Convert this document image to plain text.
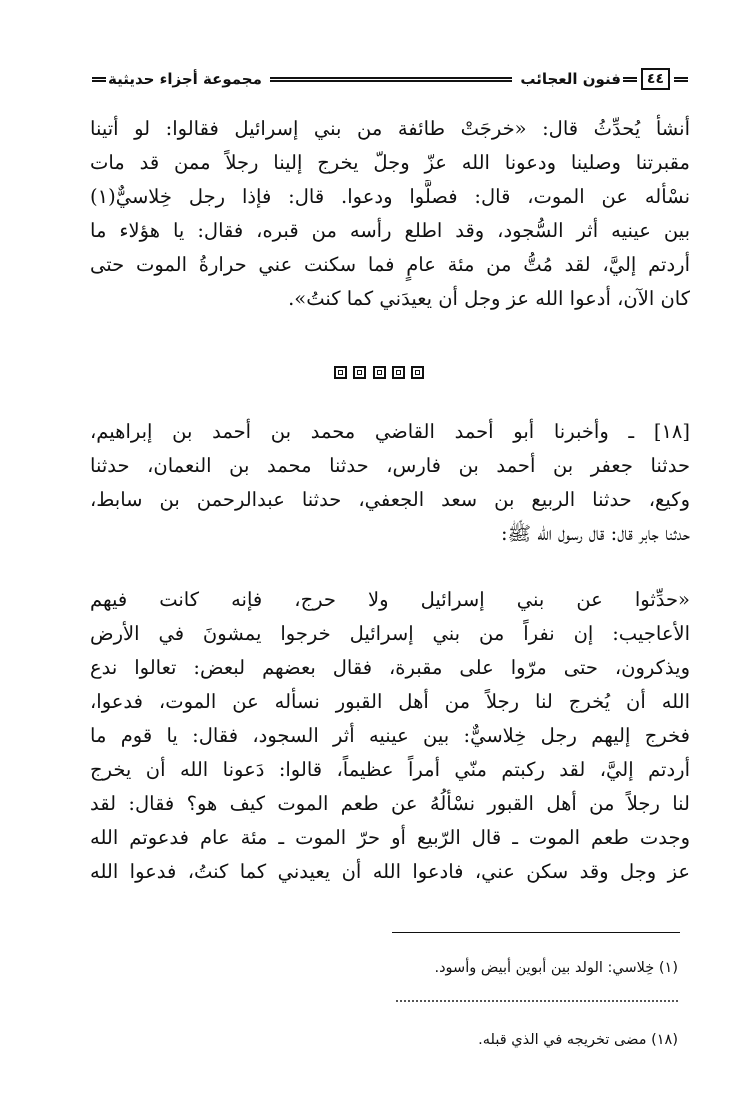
٤٤
فنون العجائب
مجموعة أجزاء حديثية
أنشأ يُحدِّثُ قال: «خرجَتْ طائفة من بني إسرائيل فقالوا: لو أتينا
مقبرتنا وصلينا ودعونا الله عزّ وجلّ يخرج إلينا رجلاً ممن قد مات
نسْأله عن الموت، قال: فصلَّوا ودعوا. قال: فإذا رجل خِلاسيٌّ(١)
بين عينيه أثر السُّجود، وقد اطلع رأسه من قبره، فقال: يا هؤلاء ما
أردتم إليَّ، لقد مُتُّ من مئة عامٍ فما سكنت عني حرارةُ الموت حتى
كان الآن، أدعوا الله عز وجل أن يعيدَني كما كنتُ».
[١٨] ـ وأخبرنا أبو أحمد القاضي محمد بن أحمد بن إبراهيم،
حدثنا جعفر بن أحمد بن فارس، حدثنا محمد بن النعمان، حدثنا
وكيع، حدثنا الربيع بن سعد الجعفي، حدثنا عبدالرحمن بن سابط،
حدثنا جابر قال: قال رسول الله ﷺ:
«حدِّثوا عن بني إسرائيل ولا حرج، فإنه كانت فيهم
الأعاجيب: إن نفراً من بني إسرائيل خرجوا يمشونَ في الأرض
ويذكرون، حتى مرّوا على مقبرة، فقال بعضهم لبعض: تعالوا ندع
الله أن يُخرج لنا رجلاً من أهل القبور نسأله عن الموت، فدعوا،
فخرج إليهم رجل خِلاسيٌّ: بين عينيه أثر السجود، فقال: يا قوم ما
أردتم إليَّ، لقد ركبتم منّي أمراً عظيماً، قالوا: دَعونا الله أن يخرج
لنا رجلاً من أهل القبور نسْألُهُ عن طعم الموت كيف هو؟ فقال: لقد
وجدت طعم الموت ـ قال الرّبيع أو حرّ الموت ـ مئة عام فدعوتم الله
عز وجل وقد سكن عني، فادعوا الله أن يعيدني كما كنتُ، فدعوا الله
(١) خِلاسي: الولد بين أبوين أبيض وأسود.
(١٨) مضى تخريجه في الذي قبله.
